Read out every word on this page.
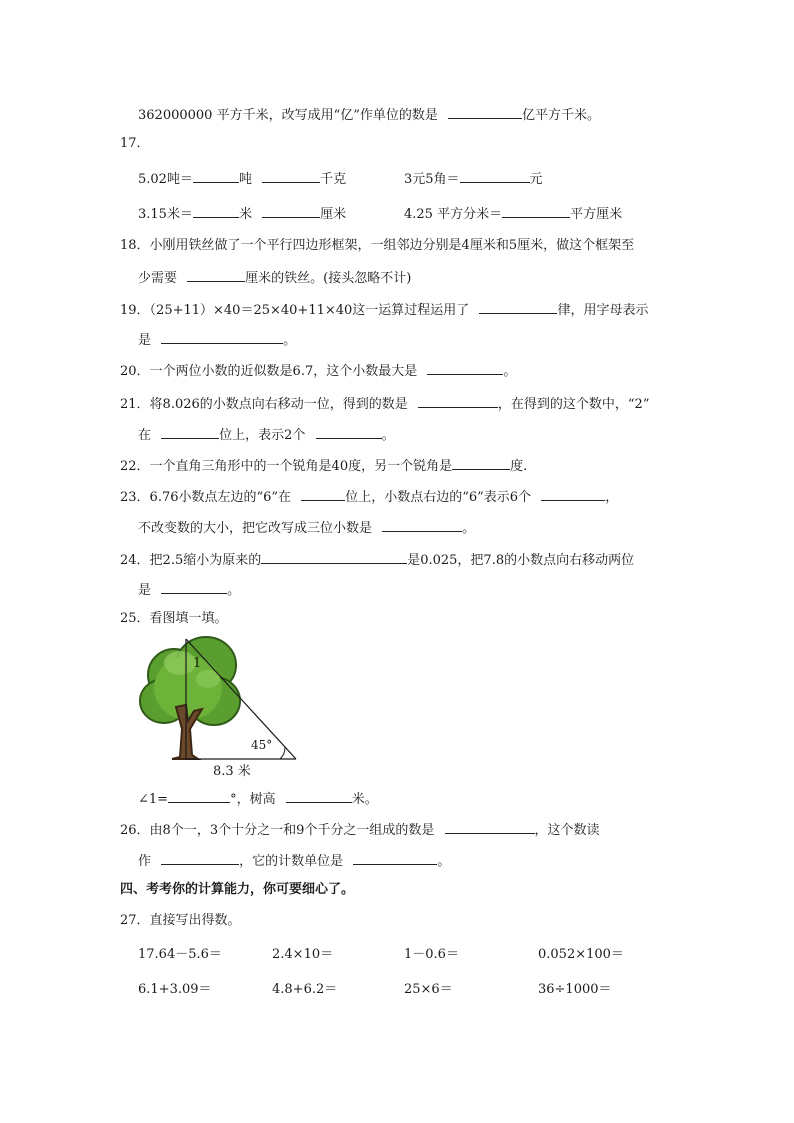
362000000 平方千米，改写成用“亿”作单位的数是	亿平方千米。
17．
5.02吨＝	吨	千克	3元5角＝	元
3.15米＝	米	厘米	4.25 平方分米＝	平方厘米
18．小刚用铁丝做了一个平行四边形框架，一组邻边分别是4厘米和5厘米，做这个框架至
少需要	厘米的铁丝。(接头忽略不计)
19．（25+11）×40＝25×40+11×40这一运算过程运用了	律，用字母表示
是	。
20．一个两位小数的近似数是6.7，这个小数最大是	。
21．将8.026的小数点向右移动一位，得到的数是	，在得到的这个数中，“2”
在	位上，表示2个	。
22．一个直角三角形中的一个锐角是40度，另一个锐角是	度.
23．6.76小数点左边的“6”在	位上，小数点右边的“6”表示6个	，
不改变数的大小，把它改写成三位小数是	。
24．把2.5缩小为原来的	是0.025，把7.8的小数点向右移动两位
是	。
25．看图填一填。
1
45°
8.3 米
∠1=	°，树高	米。
26．由8个一，3个十分之一和9个千分之一组成的数是	，这个数读
作	，它的计数单位是	。
四、考考你的计算能力，你可要细心了。
27．直接写出得数。
17.64－5.6＝	2.4×10＝	1－0.6＝	0.052×100＝
6.1+3.09＝	4.8+6.2＝	25×6＝	36÷1000＝
